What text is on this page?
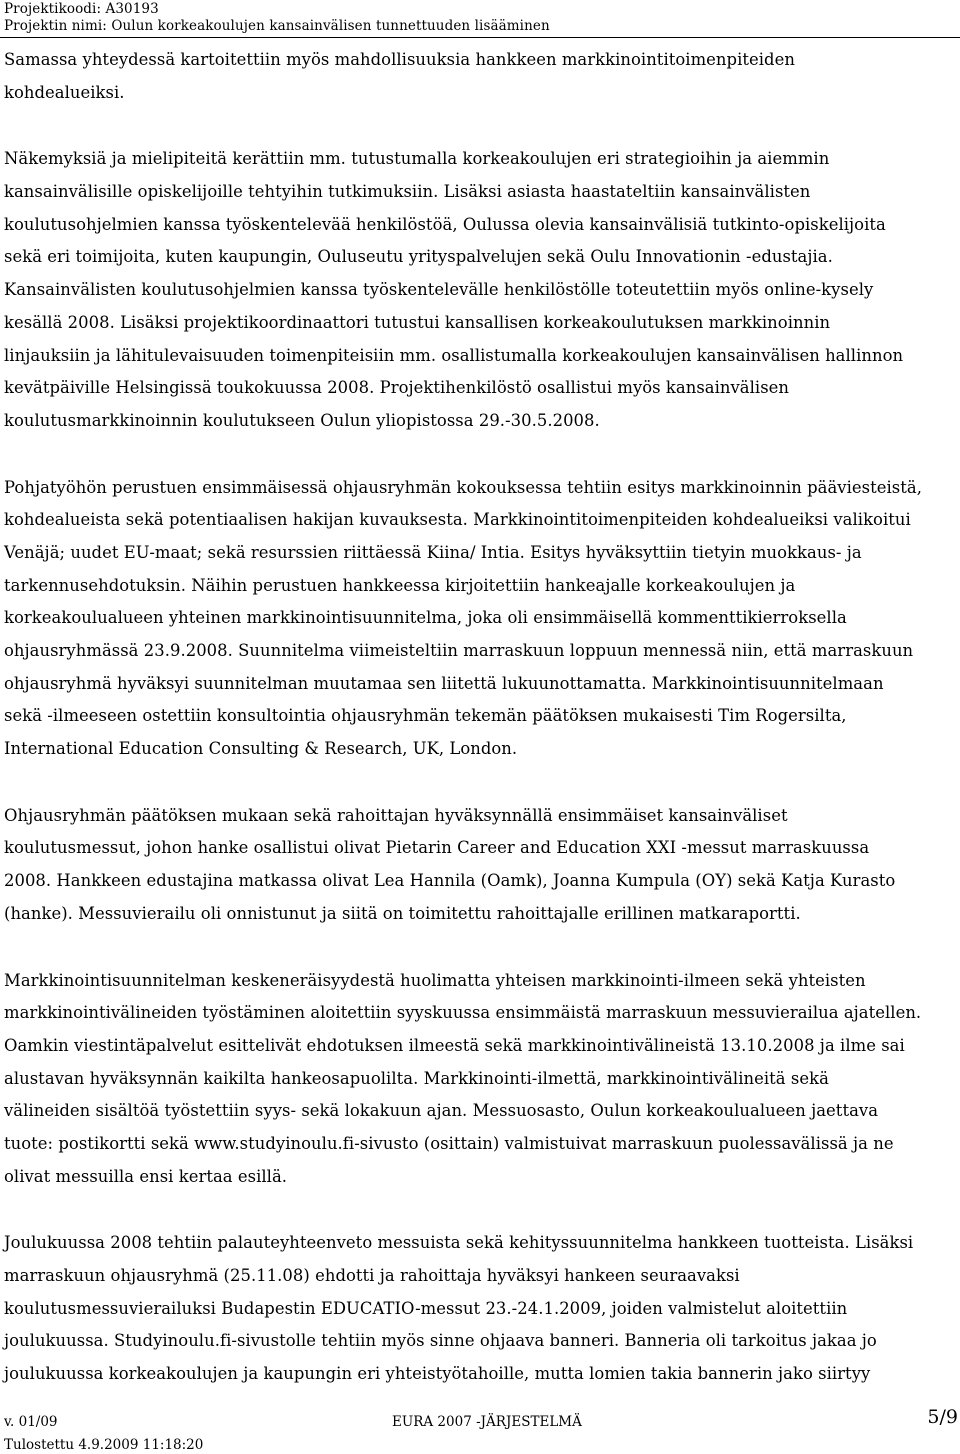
Projektikoodi: A30193
Projektin nimi: Oulun korkeakoulujen kansainvälisen tunnettuuden lisääminen
Samassa yhteydessä kartoitettiin myös mahdollisuuksia hankkeen markkinointitoimenpiteiden
kohdealueiksi.
Näkemyksiä ja mielipiteitä kerättiin mm. tutustumalla korkeakoulujen eri strategioihin ja aiemmin
kansainvälisille opiskelijoille tehtyihin tutkimuksiin. Lisäksi asiasta haastateltiin kansainvälisten
koulutusohjelmien kanssa työskentelevää henkilöstöä, Oulussa olevia kansainvälisiä tutkinto-opiskelijoita
sekä eri toimijoita, kuten kaupungin, Ouluseutu yrityspalvelujen sekä Oulu Innovationin -edustajia.
Kansainvälisten koulutusohjelmien kanssa työskentelevälle henkilöstölle toteutettiin myös online-kysely
kesällä 2008. Lisäksi projektikoordinaattori tutustui kansallisen korkeakoulutuksen markkinoinnin
linjauksiin ja lähitulevaisuuden toimenpiteisiin mm. osallistumalla korkeakoulujen kansainvälisen hallinnon
kevätpäiville Helsingissä toukokuussa 2008. Projektihenkilöstö osallistui myös kansainvälisen
koulutusmarkkinoinnin koulutukseen Oulun yliopistossa 29.-30.5.2008.
Pohjatyöhön perustuen ensimmäisessä ohjausryhmän kokouksessa tehtiin esitys markkinoinnin pääviesteistä,
kohdealueista sekä potentiaalisen hakijan kuvauksesta. Markkinointitoimenpiteiden kohdealueiksi valikoitui
Venäjä; uudet EU-maat; sekä resurssien riittäessä Kiina/ Intia. Esitys hyväksyttiin tietyin muokkaus- ja
tarkennusehdotuksin. Näihin perustuen hankkeessa kirjoitettiin hankeajalle korkeakoulujen ja
korkeakoulualueen yhteinen markkinointisuunnitelma, joka oli ensimmäisellä kommenttikierroksella
ohjausryhmässä 23.9.2008. Suunnitelma viimeisteltiin marraskuun loppuun mennessä niin, että marraskuun
ohjausryhmä hyväksyi suunnitelman muutamaa sen liitettä lukuunottamatta. Markkinointisuunnitelmaan
sekä -ilmeeseen ostettiin konsultointia ohjausryhmän tekemän päätöksen mukaisesti Tim Rogersilta,
International Education Consulting & Research, UK, London.
Ohjausryhmän päätöksen mukaan sekä rahoittajan hyväksynnällä ensimmäiset kansainväliset
koulutusmessut, johon hanke osallistui olivat Pietarin Career and Education XXI -messut marraskuussa
2008. Hankkeen edustajina matkassa olivat Lea Hannila (Oamk), Joanna Kumpula (OY) sekä Katja Kurasto
(hanke). Messuvierailu oli onnistunut ja siitä on toimitettu rahoittajalle erillinen matkaraportti.
Markkinointisuunnitelman keskeneräisyydestä huolimatta yhteisen markkinointi-ilmeen sekä yhteisten
markkinointivälineiden työstäminen aloitettiin syyskuussa ensimmäistä marraskuun messuvierailua ajatellen.
Oamkin viestintäpalvelut esittelivät ehdotuksen ilmeestä sekä markkinointivälineistä 13.10.2008 ja ilme sai
alustavan hyväksynnän kaikilta hankeosapuolilta. Markkinointi-ilmettä, markkinointivälineitä sekä
välineiden sisältöä työstettiin syys- sekä lokakuun ajan. Messuosasto, Oulun korkeakoulualueen jaettava
tuote: postikortti sekä www.studyinoulu.fi-sivusto (osittain) valmistuivat marraskuun puolessavälissä ja ne
olivat messuilla ensi kertaa esillä.
Joulukuussa 2008 tehtiin palauteyhteenveto messuista sekä kehityssuunnitelma hankkeen tuotteista. Lisäksi
marraskuun ohjausryhmä (25.11.08) ehdotti ja rahoittaja hyväksyi hankeen seuraavaksi
koulutusmessuvierailuksi Budapestin EDUCATIO-messut 23.-24.1.2009, joiden valmistelut aloitettiin
joulukuussa. Studyinoulu.fi-sivustolle tehtiin myös sinne ohjaava banneri. Banneria oli tarkoitus jakaa jo
joulukuussa korkeakoulujen ja kaupungin eri yhteistyötahoille, mutta lomien takia bannerin jako siirtyy
v. 01/09	EURA 2007 -JÄRJESTELMÄ	5/9
Tulostettu 4.9.2009 11:18:20
